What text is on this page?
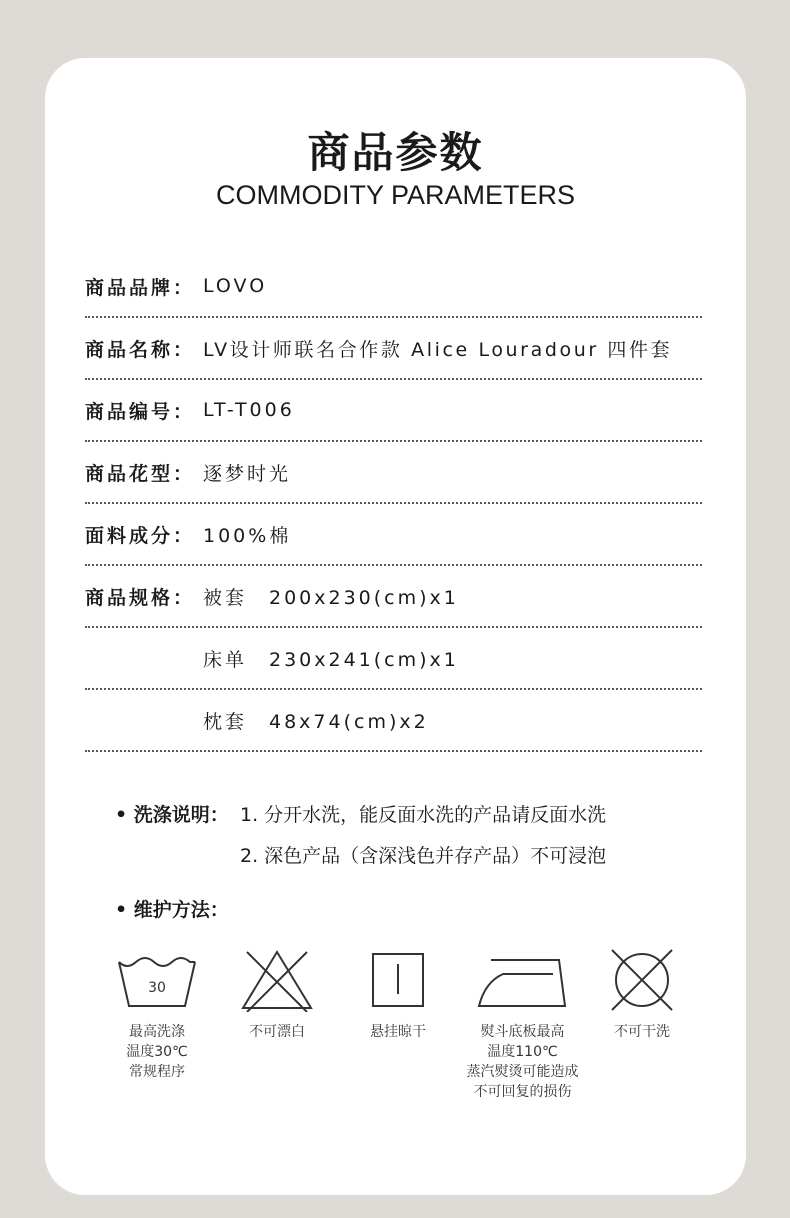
商品参数
COMMODITY PARAMETERS
商品品牌： LOVO
商品名称： LV设计师联名合作款 Alice Louradour 四件套
商品编号： LT-T006
商品花型： 逐梦时光
面料成分： 100%棉
商品规格： 被套　200x230(cm)x1
床单　230x241(cm)x1
枕套　48x74(cm)x2
• 洗涤说明： 1. 分开水洗，能反面水洗的产品请反面水洗
2. 深色产品（含深浅色并存产品）不可浸泡
• 维护方法：
30
最高洗涤
温度30℃
常规程序
不可漂白	悬挂晾干	熨斗底板最高
温度110℃
蒸汽熨烫可能造成
不可回复的损伤
不可干洗
